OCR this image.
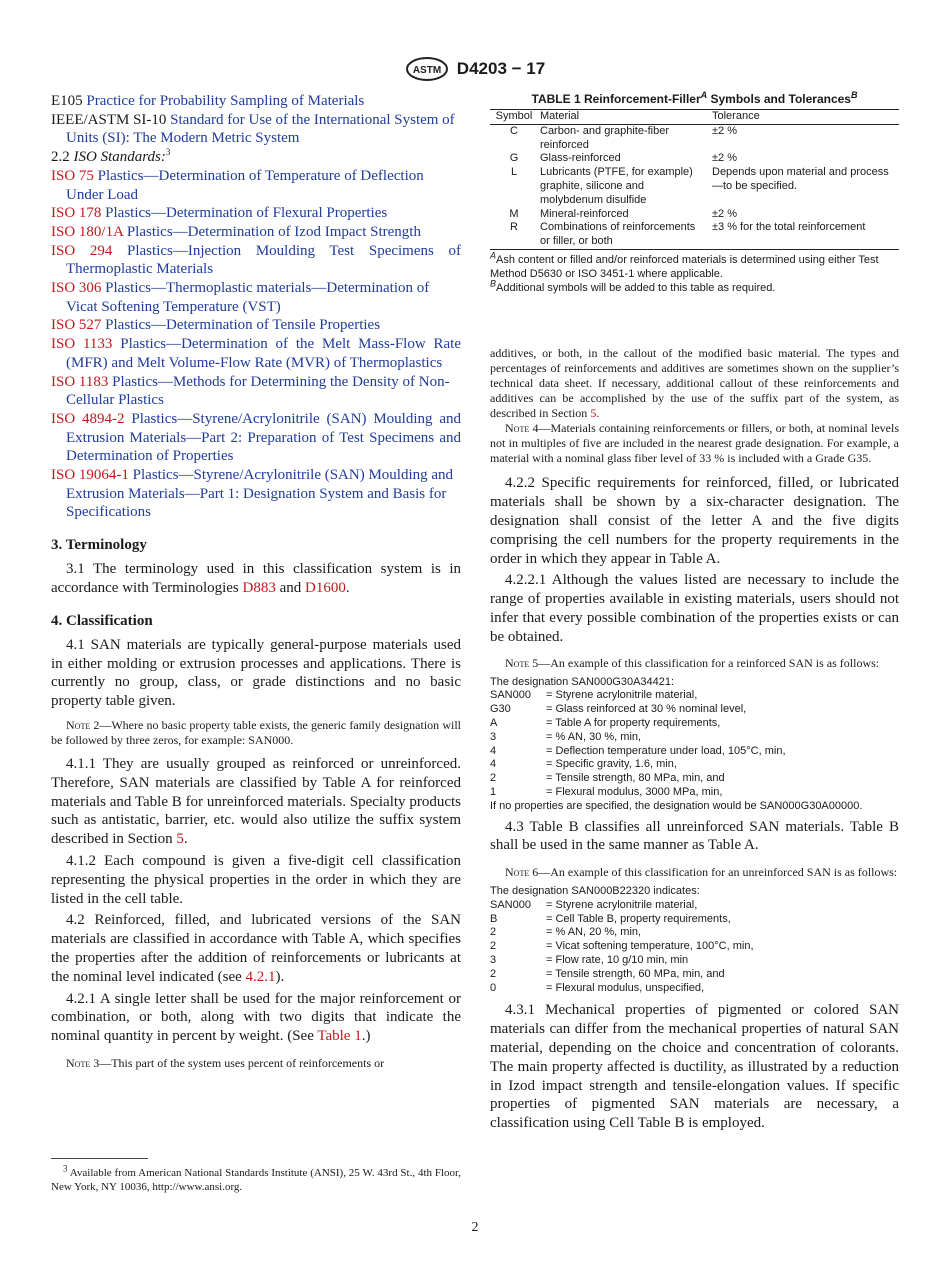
ASTM D4203 − 17

E105 Practice for Probability Sampling of Materials

IEEE/ASTM SI-10 Standard for Use of the International System of Units (SI): The Modern Metric System

2.2 ISO Standards:$^3$

ISO 75 Plastics—Determination of Temperature of Deflection Under Load

ISO 178 Plastics—Determination of Flexural Properties

ISO 180/1A Plastics—Determination of Izod Impact Strength

ISO 294 Plastics—Injection Moulding Test Specimens of Thermoplastic Materials

ISO 306 Plastics—Thermoplastic materials—Determination of Vicat Softening Temperature (VST)

ISO 527 Plastics—Determination of Tensile Properties

ISO 1133 Plastics—Determination of the Melt Mass-Flow Rate (MFR) and Melt Volume-Flow Rate (MVR) of Thermoplastics

ISO 1183 Plastics—Methods for Determining the Density of Non-Cellular Plastics

ISO 4894-2 Plastics—Styrene/Acrylonitrile (SAN) Moulding and Extrusion Materials—Part 2: Preparation of Test Specimens and Determination of Properties

ISO 19064-1 Plastics—Styrene/Acrylonitrile (SAN) Moulding and Extrusion Materials—Part 1: Designation System and Basis for Specifications

3. Terminology

3.1 The terminology used in this classification system is in accordance with Terminologies D883 and D1600.

4. Classification

4.1 SAN materials are typically general-purpose materials used in either molding or extrusion processes and applications. There is currently no group, class, or grade distinctions and no basic property table given.

Note 2—Where no basic property table exists, the generic family designation will be followed by three zeros, for example: SAN000.

4.1.1 They are usually grouped as reinforced or unreinforced. Therefore, SAN materials are classified by Table A for reinforced materials and Table B for unreinforced materials. Specialty products such as antistatic, barrier, etc. would also utilize the suffix system described in Section 5.

4.1.2 Each compound is given a five-digit cell classification representing the physical properties in the order in which they are listed in the cell table.

4.2 Reinforced, filled, and lubricated versions of the SAN materials are classified in accordance with Table A, which specifies the properties after the addition of reinforcements or lubricants at the nominal level indicated (see 4.2.1).

4.2.1 A single letter shall be used for the major reinforcement or combination, or both, along with two digits that indicate the nominal quantity in percent by weight. (See Table 1.)

Note 3—This part of the system uses percent of reinforcements or

$^3$ Available from American National Standards Institute (ANSI), 25 W. 43rd St., 4th Floor, New York, NY 10036, http://www.ansi.org.
TABLE 1 Reinforcement-Filler$^A$ Symbols and Tolerances$^B$
Symbol	Material	Tolerance
C	Carbon- and graphite-fiber reinforced	±2 %
G	Glass-reinforced	±2 %
L	Lubricants (PTFE, for example) graphite, silicone and molybdenum disulfide	Depends upon material and process—to be specified.
M	Mineral-reinforced	±2 %
R	Combinations of reinforcements or filler, or both	±3 % for the total reinforcement

$^A$Ash content or filled and/or reinforced materials is determined using either Test Method D5630 or ISO 3451-1 where applicable.

$^B$Additional symbols will be added to this table as required.

additives, or both, in the callout of the modified basic material. The types and percentages of reinforcements and additives are sometimes shown on the supplier’s technical data sheet. If necessary, additional callout of these reinforcements and additives can be accomplished by the use of the suffix part of the system, as described in Section 5.

Note 4—Materials containing reinforcements or fillers, or both, at nominal levels not in multiples of five are included in the nearest grade designation. For example, a material with a nominal glass fiber level of 33 % is included with a Grade G35.

4.2.2 Specific requirements for reinforced, filled, or lubricated materials shall be shown by a six-character designation. The designation shall consist of the letter A and the five digits comprising the cell numbers for the property requirements in the order in which they appear in Table A.

4.2.2.1 Although the values listed are necessary to include the range of properties available in existing materials, users should not infer that every possible combination of the properties exists or can be obtained.

Note 5—An example of this classification for a reinforced SAN is as follows:

The designation SAN000G30A34421:
SAN000	= Styrene acrylonitrile material,
G30	= Glass reinforced at 30 % nominal level,
A	= Table A for property requirements,
3	= % AN, 30 %, min,
4	= Deflection temperature under load, 105°C, min,
4	= Specific gravity, 1.6, min,
2	= Tensile strength, 80 MPa, min, and
1	= Flexural modulus, 3000 MPa, min,
If no properties are specified, the designation would be SAN000G30A00000.

4.3 Table B classifies all unreinforced SAN materials. Table B shall be used in the same manner as Table A.

Note 6—An example of this classification for an unreinforced SAN is as follows:

The designation SAN000B22320 indicates:
SAN000	= Styrene acrylonitrile material,
B	= Cell Table B, property requirements,
2	= % AN, 20 %, min,
2	= Vicat softening temperature, 100°C, min,
3	= Flow rate, 10 g/10 min, min
2	= Tensile strength, 60 MPa, min, and
0	= Flexural modulus, unspecified,

4.3.1 Mechanical properties of pigmented or colored SAN materials can differ from the mechanical properties of natural SAN material, depending on the choice and concentration of colorants. The main property affected is ductility, as illustrated by a reduction in Izod impact strength and tensile-elongation values. If specific properties of pigmented SAN materials are necessary, a classification using Cell Table B is employed.

2
